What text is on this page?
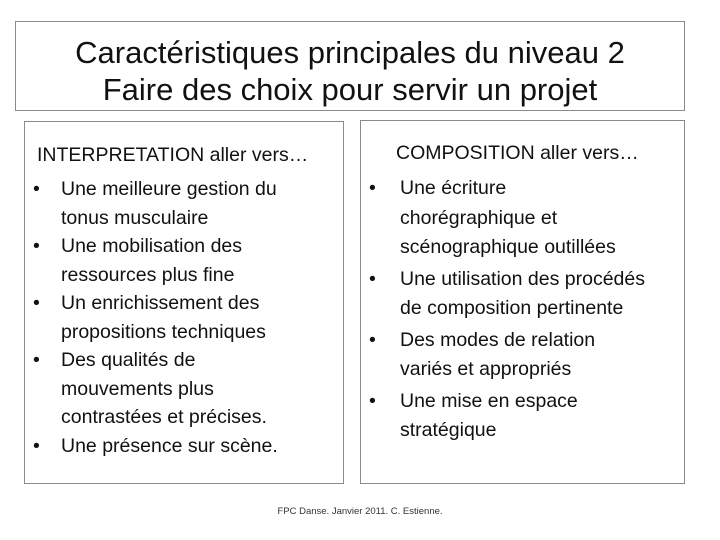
Caractéristiques principales du niveau 2
Faire des choix pour servir un projet
INTERPRETATION aller vers…
• Une meilleure gestion du
tonus musculaire
• Une mobilisation des
ressources plus fine
• Un enrichissement des
propositions techniques
• Des qualités de
mouvements plus
contrastées et précises.
• Une présence sur scène.
COMPOSITION aller vers…
• Une écriture
chorégraphique et
scénographique outillées
• Une utilisation des procédés
de composition pertinente
• Des modes de relation
variés et appropriés
• Une mise en espace
stratégique
FPC Danse. Janvier 2011. C. Estienne.
